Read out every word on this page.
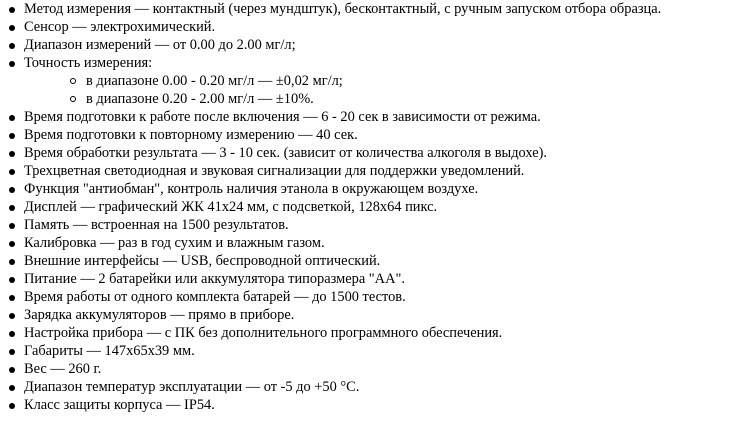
Метод измерения — контактный (через мундштук), бесконтактный, с ручным запуском отбора образца.
Сенсор — электрохимический.
Диапазон измерений — от 0.00 до 2.00 мг/л;
Точность измерения:
в диапазоне 0.00 - 0.20 мг/л — ±0,02 мг/л;
в диапазоне 0.20 - 2.00 мг/л — ±10%.
Время подготовки к работе после включения — 6 - 20 сек в зависимости от режима.
Время подготовки к повторному измерению — 40 сек.
Время обработки результата — 3 - 10 сек. (зависит от количества алкоголя в выдохе).
Трехцветная светодиодная и звуковая сигнализации для поддержки уведомлений.
Функция "антиобман", контроль наличия этанола в окружающем воздухе.
Дисплей — графический ЖК 41х24 мм, с подсветкой, 128х64 пикс.
Память — встроенная на 1500 результатов.
Калибровка — раз в год сухим и влажным газом.
Внешние интерфейсы — USB, беспроводной оптический.
Питание — 2 батарейки или аккумулятора типоразмера "АА".
Время работы от одного комплекта батарей — до 1500 тестов.
Зарядка аккумуляторов — прямо в приборе.
Настройка прибора — с ПК без дополнительного программного обеспечения.
Габариты — 147х65х39 мм.
Вес — 260 г.
Диапазон температур эксплуатации — от -5 до +50 °С.
Класс защиты корпуса — IP54.
